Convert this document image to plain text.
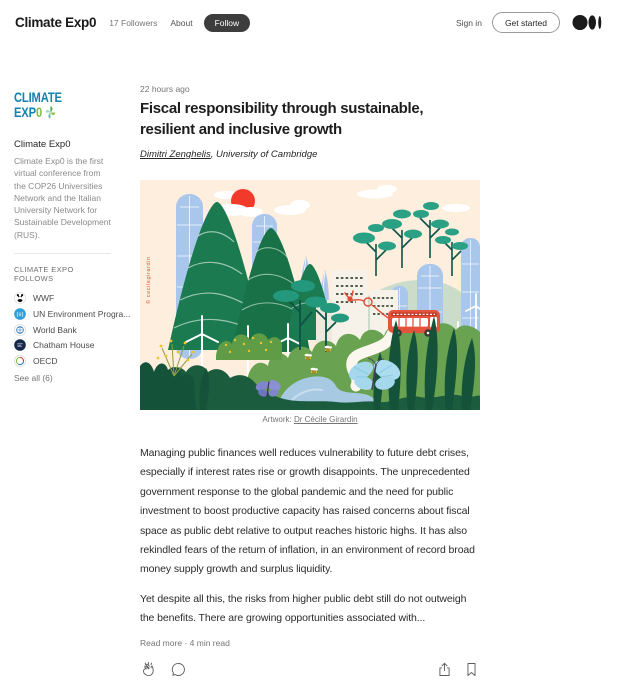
Climate Exp0 17 Followers About	Follow	Sign in	Get started
CLIMATE
EXP 0
Climate Exp0
Climate Exp0 is the first virtual conference from the COP26 Universities Network and the Italian University Network for Sustainable Development (RUS).
CLIMATE EXPO FOLLOWS
WWF
UN Environment Progra...
World Bank
Chatham House
OECD
See all (6)
22 hours ago
Fiscal responsibility through sustainable,
resilient and inclusive growth
Dimitri Zenghelis, University of Cambridge
© cecilegirardin
Artwork: Dr Cécile Girardin

Managing public finances well reduces vulnerability to future debt crises, especially if interest rates rise or growth disappoints. The unprecedented government response to the global pandemic and the need for public investment to boost productive capacity has raised concerns about fiscal space as public debt relative to output reaches historic highs. It has also rekindled fears of the return of inflation, in an environment of record broad money supply growth and surplus liquidity.

Yet despite all this, the risks from higher public debt still do not outweigh the benefits. There are growing opportunities associated with...

Read more · 4 min read
